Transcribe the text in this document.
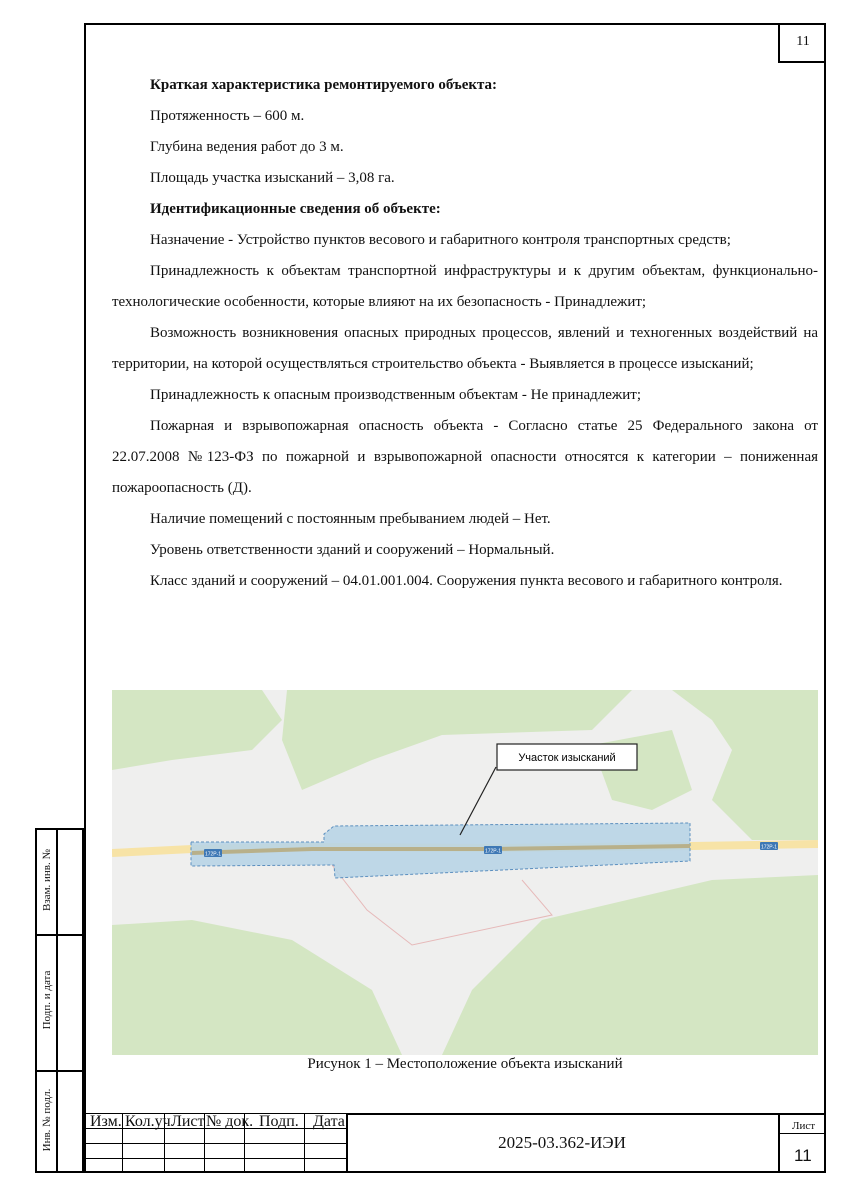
11
Взам. инв. №
Подп. и дата
Инв. № подл.

Краткая характеристика ремонтируемого объекта:

Протяженность – 600 м.

Глубина ведения работ до 3 м.

Площадь участка изысканий – 3,08 га.

Идентификационные сведения об объекте:

Назначение - Устройство пунктов весового и габаритного контроля транспортных средств;

Принадлежность к объектам транспортной инфраструктуры и к другим объектам, функционально-технологические особенности, которые влияют на их безопасность - Принадлежит;

Возможность возникновения опасных природных процессов, явлений и техногенных воздействий на территории, на которой осуществляться строительство объекта - Выявляется в процессе изысканий;

Принадлежность к опасным производственным объектам - Не принадлежит;

Пожарная и взрывопожарная опасность объекта - Согласно статье 25 Федерального закона от 22.07.2008 №123-ФЗ по пожарной и взрывопожарной опасности относятся к категории – пониженная пожароопасность (Д).

Наличие помещений с постоянным пребыванием людей – Нет.

Уровень ответственности зданий и сооружений – Нормальный.

Класс зданий и сооружений – 04.01.001.004. Сооружения пункта весового и габаритного контроля.

Участок изысканий
172Р-1	172Р-1
172Р-1
Рисунок 1 – Местоположение объекта изысканий
Изм. Кол.уч Лист № док. Подп. Дата
2025-03.362-ИЭИ
Лист
11
